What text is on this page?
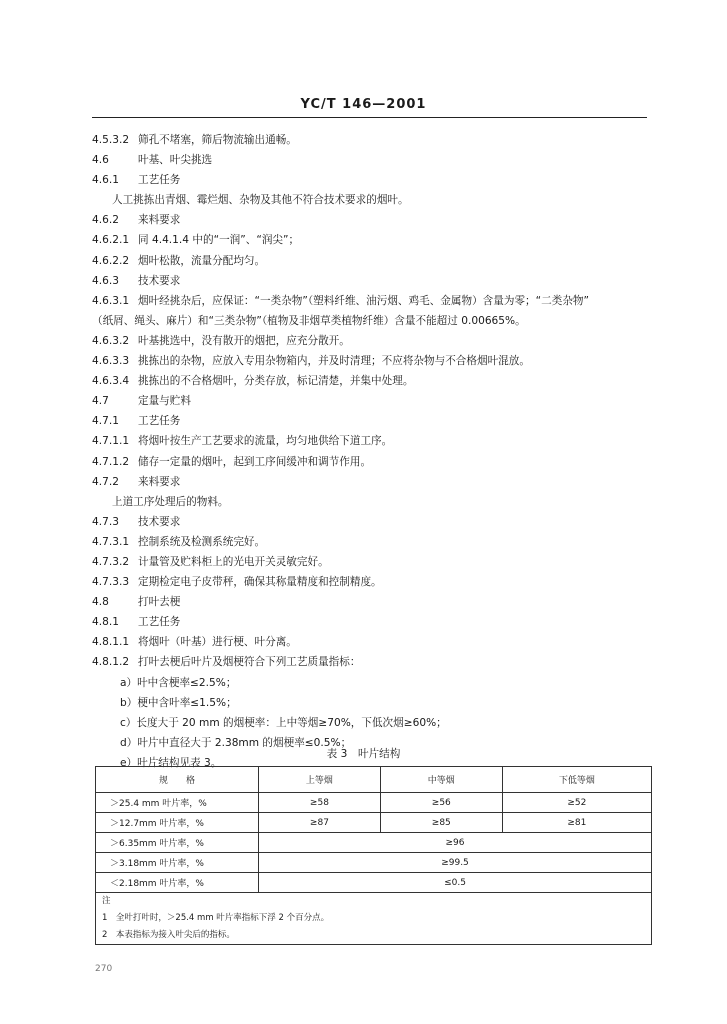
YC/T 146—2001
4.5.3.2 筛孔不堵塞，筛后物流输出通畅。
4.6	叶基、叶尖挑选
4.6.1 工艺任务
人工挑拣出青烟、霉烂烟、杂物及其他不符合技术要求的烟叶。
4.6.2 来料要求
4.6.2.1 同 4.4.1.4 中的“一润”、“润尖”；
4.6.2.2 烟叶松散，流量分配均匀。
4.6.3 技术要求
4.6.3.1 烟叶经挑杂后，应保证：“一类杂物”（塑料纤维、油污烟、鸡毛、金属物）含量为零；“二类杂物”
（纸屑、绳头、麻片）和“三类杂物”（植物及非烟草类植物纤维）含量不能超过 0.00665%。
4.6.3.2 叶基挑选中，没有散开的烟把，应充分散开。
4.6.3.3 挑拣出的杂物，应放入专用杂物箱内，并及时清理；不应将杂物与不合格烟叶混放。
4.6.3.4 挑拣出的不合格烟叶，分类存放，标记清楚，并集中处理。
4.7	定量与贮料
4.7.1 工艺任务
4.7.1.1 将烟叶按生产工艺要求的流量，均匀地供给下道工序。
4.7.1.2 储存一定量的烟叶，起到工序间缓冲和调节作用。
4.7.2 来料要求
上道工序处理后的物料。
4.7.3 技术要求
4.7.3.1 控制系统及检测系统完好。
4.7.3.2 计量管及贮料柜上的光电开关灵敏完好。
4.7.3.3 定期检定电子皮带秤，确保其称量精度和控制精度。
4.8	打叶去梗
4.8.1 工艺任务
4.8.1.1 将烟叶（叶基）进行梗、叶分离。
4.8.1.2 打叶去梗后叶片及烟梗符合下列工艺质量指标：
a）叶中含梗率≤2.5%；
b）梗中含叶率≤1.5%；
c）长度大于 20 mm 的烟梗率：上中等烟≥70%，下低次烟≥60%；
d）叶片中直径大于 2.38mm 的烟梗率≤0.5%；
e）叶片结构见表 3。
表 3　叶片结构
规　　格	上等烟	中等烟	下低等烟
＞25.4 mm 叶片率，%	≥58	≥56	≥52
＞12.7mm 叶片率，%	≥87	≥85	≥81
＞6.35mm 叶片率，%	≥96		
＞3.18mm 叶片率，%	≥99.5		
＜2.18mm 叶片率，%	≤0.5		

注
1　全叶打叶时，＞25.4 mm 叶片率指标下浮 2 个百分点。
2　本表指标为接入叶尖后的指标。			
270
